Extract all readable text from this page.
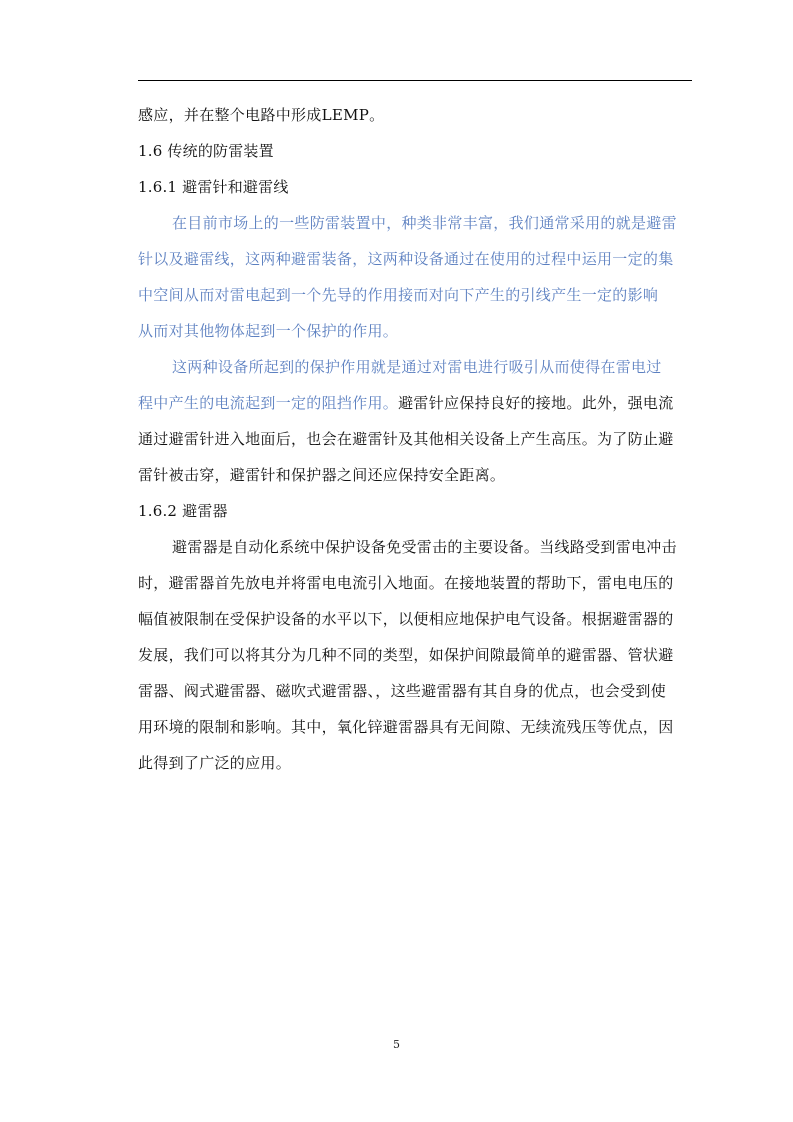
感应，并在整个电路中形成LEMP。
1.6 传统的防雷装置
1.6.1 避雷针和避雷线
在目前市场上的一些防雷装置中，种类非常丰富，我们通常采用的就是避雷
针以及避雷线，这两种避雷装备，这两种设备通过在使用的过程中运用一定的集
中空间从而对雷电起到一个先导的作用接而对向下产生的引线产生一定的影响
从而对其他物体起到一个保护的作用。
这两种设备所起到的保护作用就是通过对雷电进行吸引从而使得在雷电过
程中产生的电流起到一定的阻挡作用。避雷针应保持良好的接地。此外，强电流
通过避雷针进入地面后，也会在避雷针及其他相关设备上产生高压。为了防止避
雷针被击穿，避雷针和保护器之间还应保持安全距离。
1.6.2 避雷器
避雷器是自动化系统中保护设备免受雷击的主要设备。当线路受到雷电冲击
时，避雷器首先放电并将雷电电流引入地面。在接地装置的帮助下，雷电电压的
幅值被限制在受保护设备的水平以下，以便相应地保护电气设备。根据避雷器的
发展，我们可以将其分为几种不同的类型，如保护间隙最简单的避雷器、管状避
雷器、阀式避雷器、磁吹式避雷器、，这些避雷器有其自身的优点，也会受到使
用环境的限制和影响。其中，氧化锌避雷器具有无间隙、无续流残压等优点，因
此得到了广泛的应用。
5
